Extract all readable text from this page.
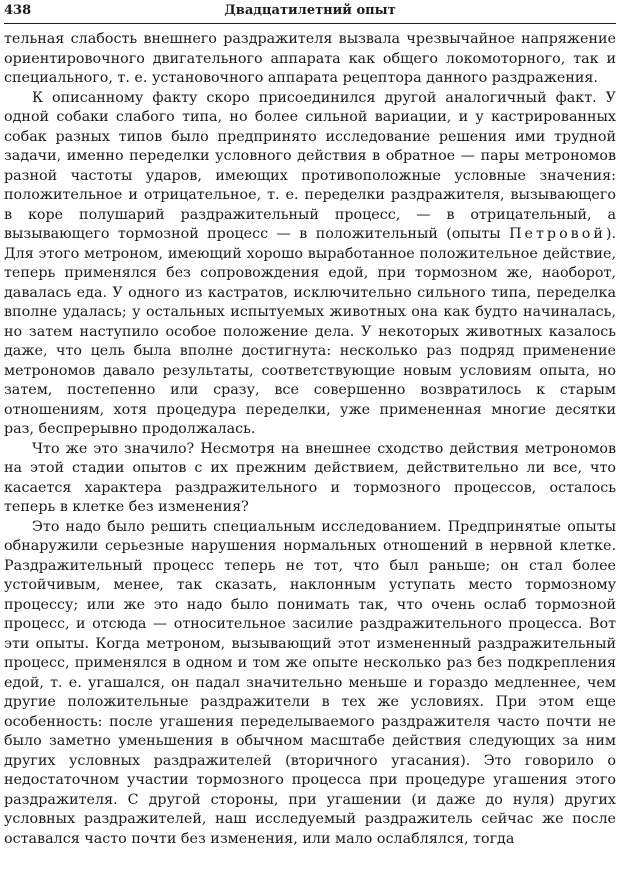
438	Двадцатилетний опыт

тельная слабость внешнего раздражителя вызвала чрезвычайное напряжение ориентировочного двигательного аппарата как общего локомоторного, так и специального, т. е. установочного аппарата рецептора данного раздражения.

К описанному факту скоро присоединился другой аналогичный факт. У одной собаки слабого типа, но более сильной вариации, и у кастрированных собак разных типов было предпринято исследование решения ими трудной задачи, именно переделки условного действия в обратное — пары метрономов разной частоты ударов, имеющих противоположные условные значения: положительное и отрицательное, т. е. переделки раздражителя, вызывающего в коре полушарий раздражительный процесс, — в отрицательный, а вызывающего тормозной процесс — в положительный (опыты Петровой). Для этого метроном, имеющий хорошо выработанное положительное действие, теперь применялся без сопровождения едой, при тормозном же, наоборот, давалась еда. У одного из кастратов, исключительно сильного типа, переделка вполне удалась; у остальных испытуемых животных она как будто начиналась, но затем наступило особое положение дела. У некоторых животных казалось даже, что цель была вполне достигнута: несколько раз подряд применение метрономов давало результаты, соответствующие новым условиям опыта, но затем, постепенно или сразу, все совершенно возвратилось к старым отношениям, хотя процедура переделки, уже примененная многие десятки раз, беспрерывно продолжалась.

Что же это значило? Несмотря на внешнее сходство действия метрономов на этой стадии опытов с их прежним действием, действительно ли все, что касается характера раздражительного и тормозного процессов, осталось теперь в клетке без изменения?

Это надо было решить специальным исследованием. Предпринятые опыты обнаружили серьезные нарушения нормальных отношений в нервной клетке. Раздражительный процесс теперь не тот, что был раньше; он стал более устойчивым, менее, так сказать, наклонным уступать место тормозному процессу; или же это надо было понимать так, что очень ослаб тормозной процесс, и отсюда — относительное засилие раздражительного процесса. Вот эти опыты. Когда метроном, вызывающий этот измененный раздражительный процесс, применялся в одном и том же опыте несколько раз без подкрепления едой, т. е. угашался, он падал значительно меньше и гораздо медленнее, чем другие положительные раздражители в тех же условиях. При этом еще особенность: после угашения переделываемого раздражителя часто почти не было заметно уменьшения в обычном масштабе действия следующих за ним других условных раздражителей (вторичного угасания). Это говорило о недостаточном участии тормозного процесса при процедуре угашения этого раздражителя. С другой стороны, при угашении (и даже до нуля) других условных раздражителей, наш исследуемый раздражитель сейчас же после оставался часто почти без изменения, или мало ослаблялся, тогда
